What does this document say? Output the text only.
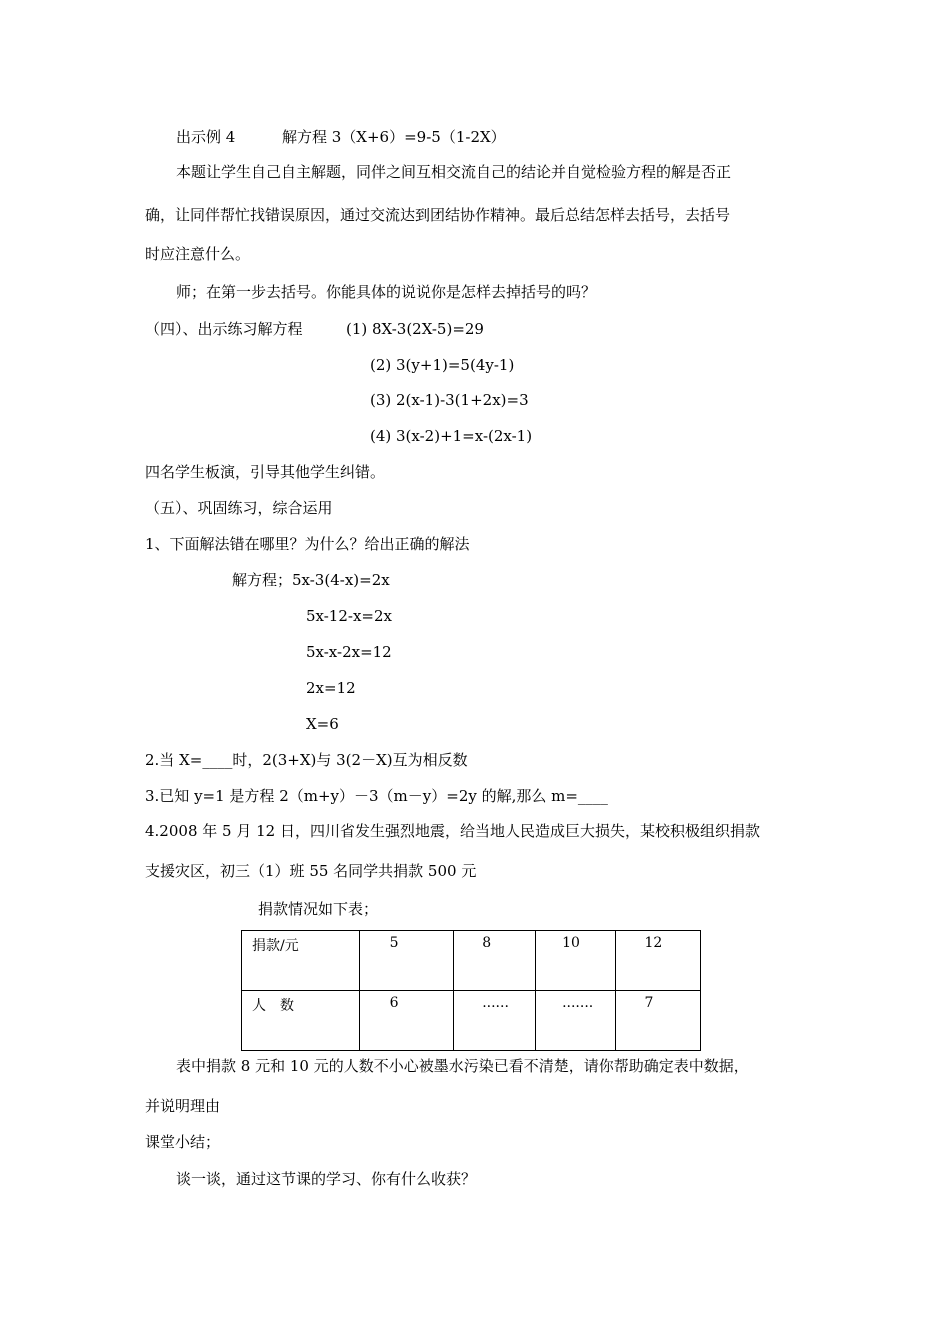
出示例 4	解方程 3（X+6）=9-5（1-2X）
本题让学生自己自主解题，同伴之间互相交流自己的结论并自觉检验方程的解是否正
确，让同伴帮忙找错误原因，通过交流达到团结协作精神。最后总结怎样去括号，去括号
时应注意什么。
师；在第一步去括号。你能具体的说说你是怎样去掉括号的吗？
（四）、出示练习解方程	(1) 8X-3(2X-5)=29
(2) 3(y+1)=5(4y-1)
(3) 2(x-1)-3(1+2x)=3
(4) 3(x-2)+1=x-(2x-1)
四名学生板演，引导其他学生纠错。
（五）、巩固练习，综合运用
1、下面解法错在哪里？为什么？给出正确的解法
解方程；5x-3(4-x)=2x
5x-12-x=2x
5x-x-2x=12
2x=12
X=6
2.当 X=____时，2(3+X)与 3(2－X)互为相反数
3.已知 y=1 是方程 2（m+y）－3（m－y）=2y 的解,那么 m=____
4.2008 年 5 月 12 日，四川省发生强烈地震，给当地人民造成巨大损失，某校积极组织捐款
支援灾区，初三（1）班 55 名同学共捐款 500 元
捐款情况如下表；
捐款/元	5	8	10	12
人　数	6	......	.......	7
表中捐款 8 元和 10 元的人数不小心被墨水污染已看不清楚，请你帮助确定表中数据，
并说明理由
课堂小结；
谈一谈，通过这节课的学习、你有什么收获？
